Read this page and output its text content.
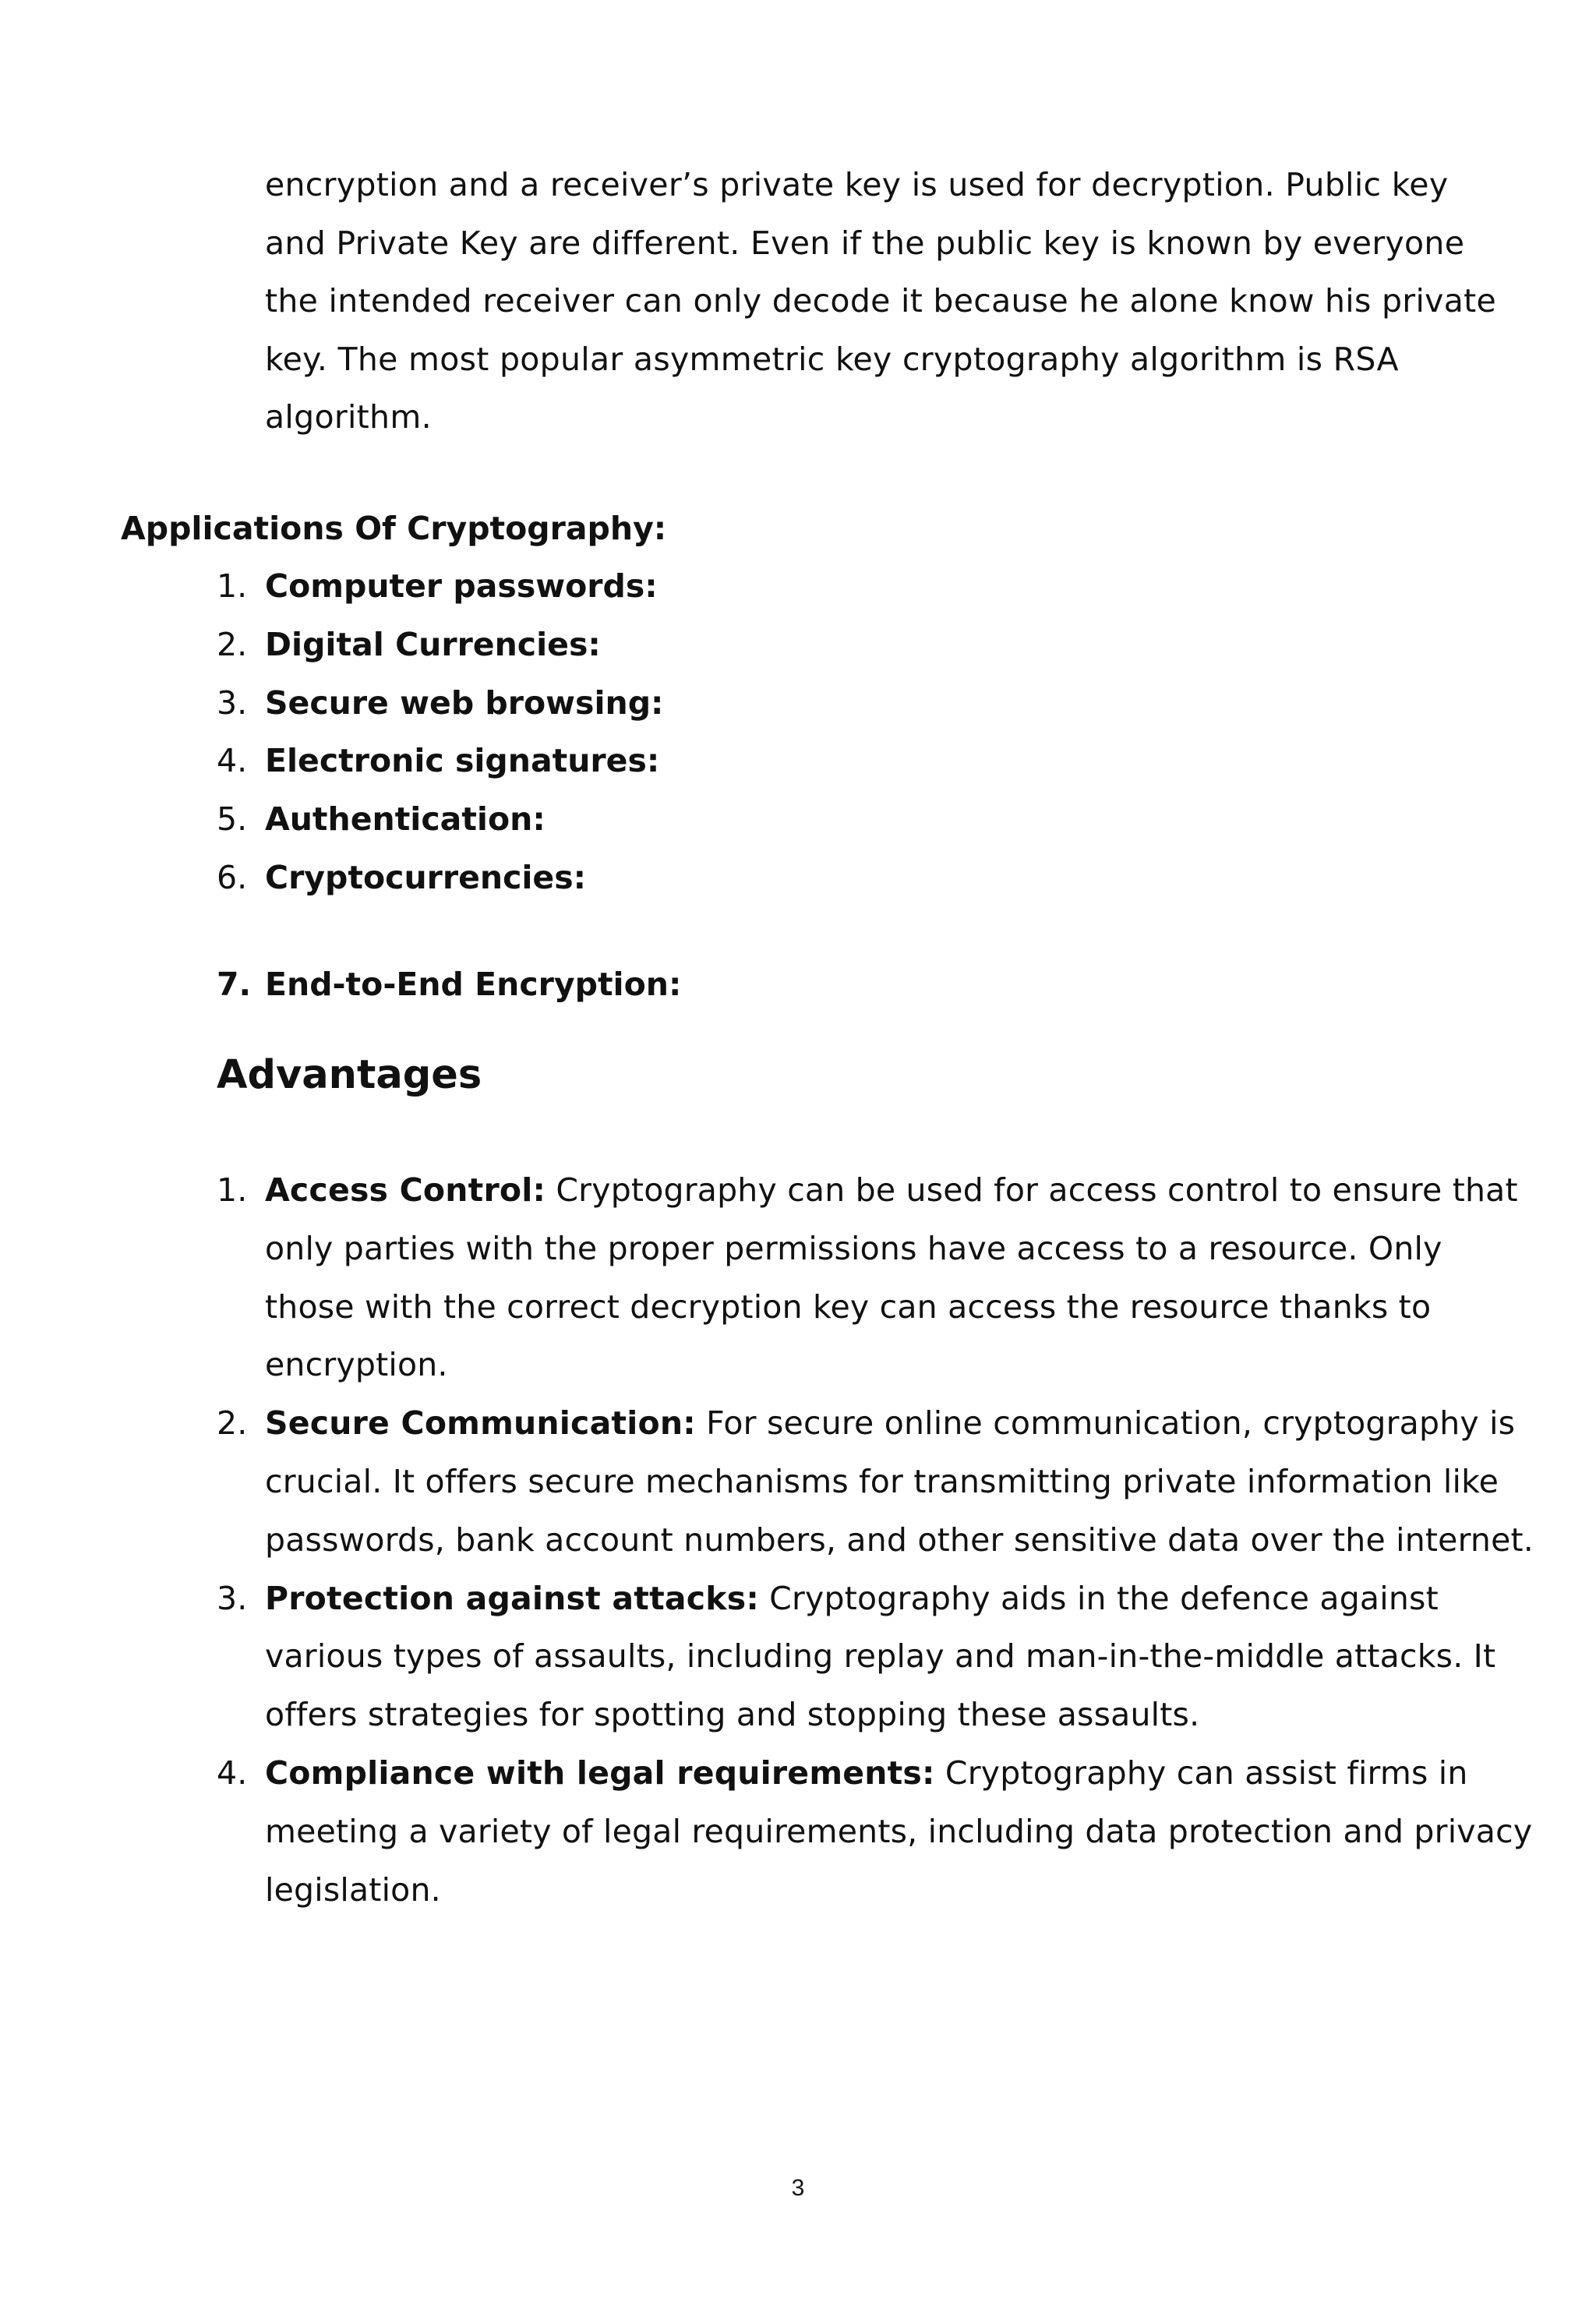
encryption and a receiver’s private key is used for decryption. Public key

and Private Key are different. Even if the public key is known by everyone

the intended receiver can only decode it because he alone know his private

key. The most popular asymmetric key cryptography algorithm is RSA

algorithm.

Applications Of Cryptography:
1. Computer passwords:
2. Digital Currencies:
3. Secure web browsing:
4. Electronic signatures:
5. Authentication:
6. Cryptocurrencies:
7. End-to-End Encryption:
Advantages
1. Access Control: Cryptography can be used for access control to ensure that only parties with the proper permissions have access to a resource. Only those with the correct decryption key can access the resource thanks to encryption.
2. Secure Communication: For secure online communication, cryptography is crucial. It offers secure mechanisms for transmitting private information like passwords, bank account numbers, and other sensitive data over the internet.
3. Protection against attacks: Cryptography aids in the defence against various types of assaults, including replay and man-in-the-middle attacks. It offers strategies for spotting and stopping these assaults.
4. Compliance with legal requirements: Cryptography can assist firms in meeting a variety of legal requirements, including data protection and privacy legislation.
3
